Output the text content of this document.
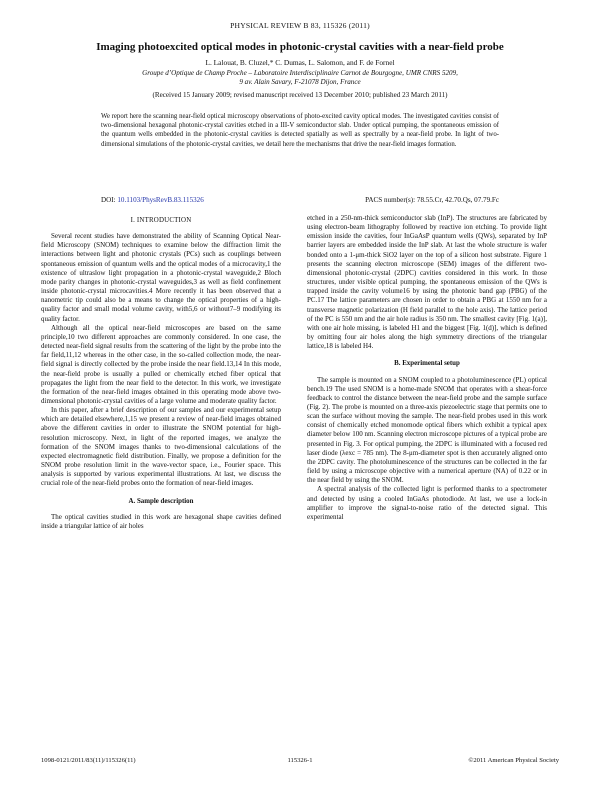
PHYSICAL REVIEW B 83, 115326 (2011)
Imaging photoexcited optical modes in photonic-crystal cavities with a near-field probe
L. Lalouat, B. Cluzel,* C. Dumas, L. Salomon, and F. de Fornel
Groupe d’Optique de Champ Proche – Laboratoire Interdisciplinaire Carnot de Bourgogne, UMR CNRS 5209,
9 av. Alain Savary, F-21078 Dijon, France
(Received 15 January 2009; revised manuscript received 13 December 2010; published 23 March 2011)
We report here the scanning near-field optical microscopy observations of photo-excited cavity optical modes. The investigated cavities consist of two-dimensional hexagonal photonic-crystal cavities etched in a III-V semiconductor slab. Under optical pumping, the spontaneous emission of the quantum wells embedded in the photonic-crystal cavities is detected spatially as well as spectrally by a near-field probe. In light of two-dimensional simulations of the photonic-crystal cavities, we detail here the mechanisms that drive the near-field images formation.
DOI: 10.1103/PhysRevB.83.115326	PACS number(s): 78.55.Cr, 42.70.Qs, 07.79.Fc
I. INTRODUCTION

Several recent studies have demonstrated the ability of Scanning Optical Near-field Microscopy (SNOM) techniques to examine below the diffraction limit the interactions between light and photonic crystals (PCs) such as couplings between spontaneous emission of quantum wells and the optical modes of a microcavity,1 the existence of ultraslow light propagation in a photonic-crystal waveguide,2 Bloch mode parity changes in photonic-crystal waveguides,3 as well as field confinement inside photonic-crystal microcavities.4 More recently it has been observed that a nanometric tip could also be a means to change the optical properties of a high-quality factor and small modal volume cavity, with5,6 or without7–9 modifying its quality factor.

Although all the optical near-field microscopes are based on the same principle,10 two different approaches are commonly considered. In one case, the detected near-field signal results from the scattering of the light by the probe into the far field,11,12 whereas in the other case, in the so-called collection mode, the near-field signal is directly collected by the probe inside the near field.13,14 In this mode, the near-field probe is usually a pulled or chemically etched fiber optical that propagates the light from the near field to the detector. In this work, we investigate the formation of the near-field images obtained in this operating mode above two-dimensional photonic-crystal cavities of a large volume and moderate quality factor.

In this paper, after a brief description of our samples and our experimental setup which are detailed elsewhere,1,15 we present a review of near-field images obtained above the different cavities in order to illustrate the SNOM potential for high-resolution microscopy. Next, in light of the reported images, we analyze the formation of the SNOM images thanks to two-dimensional calculations of the expected electromagnetic field distribution. Finally, we propose a definition for the SNOM probe resolution limit in the wave-vector space, i.e., Fourier space. This analysis is supported by various experimental illustrations. At last, we discuss the crucial role of the near-field probes onto the formation of near-field images.

A. Sample description

The optical cavities studied in this work are hexagonal shape cavities defined inside a triangular lattice of air holes

etched in a 250-nm-thick semiconductor slab (InP). The structures are fabricated by using electron-beam lithography followed by reactive ion etching. To provide light emission inside the cavities, four InGaAsP quantum wells (QWs), separated by InP barrier layers are embedded inside the InP slab. At last the whole structure is wafer bonded onto a 1-μm-thick SiO2 layer on the top of a silicon host substrate. Figure 1 presents the scanning electron microscope (SEM) images of the different two-dimensional photonic-crystal (2DPC) cavities considered in this work. In those structures, under visible optical pumping, the spontaneous emission of the QWs is trapped inside the cavity volume16 by using the photonic band gap (PBG) of the PC.17 The lattice parameters are chosen in order to obtain a PBG at 1550 nm for a transverse magnetic polarization (H field parallel to the hole axis). The lattice period of the PC is 550 nm and the air hole radius is 350 nm. The smallest cavity [Fig. 1(a)], with one air hole missing, is labeled H1 and the biggest [Fig. 1(d)], which is defined by omitting four air holes along the high symmetry directions of the triangular lattice,18 is labeled H4.

B. Experimental setup

The sample is mounted on a SNOM coupled to a photoluminescence (PL) optical bench.19 The used SNOM is a home-made SNOM that operates with a shear-force feedback to control the distance between the near-field probe and the sample surface (Fig. 2). The probe is mounted on a three-axis piezoelectric stage that permits one to scan the surface without moving the sample. The near-field probes used in this work consist of chemically etched monomode optical fibers which exhibit a typical apex diameter below 100 nm. Scanning electron microscope pictures of a typical probe are presented in Fig. 3. For optical pumping, the 2DPC is illuminated with a focused red laser diode (λexc = 785 nm). The 8-μm-diameter spot is then accurately aligned onto the 2DPC cavity. The photoluminescence of the structures can be collected in the far field by using a microscope objective with a numerical aperture (NA) of 0.22 or in the near field by using the SNOM.

A spectral analysis of the collected light is performed thanks to a spectrometer and detected by using a cooled InGaAs photodiode. At last, we use a lock-in amplifier to improve the signal-to-noise ratio of the detected signal. This experimental

1098-0121/2011/83(11)/115326(11)	115326-1	©2011 American Physical Society
